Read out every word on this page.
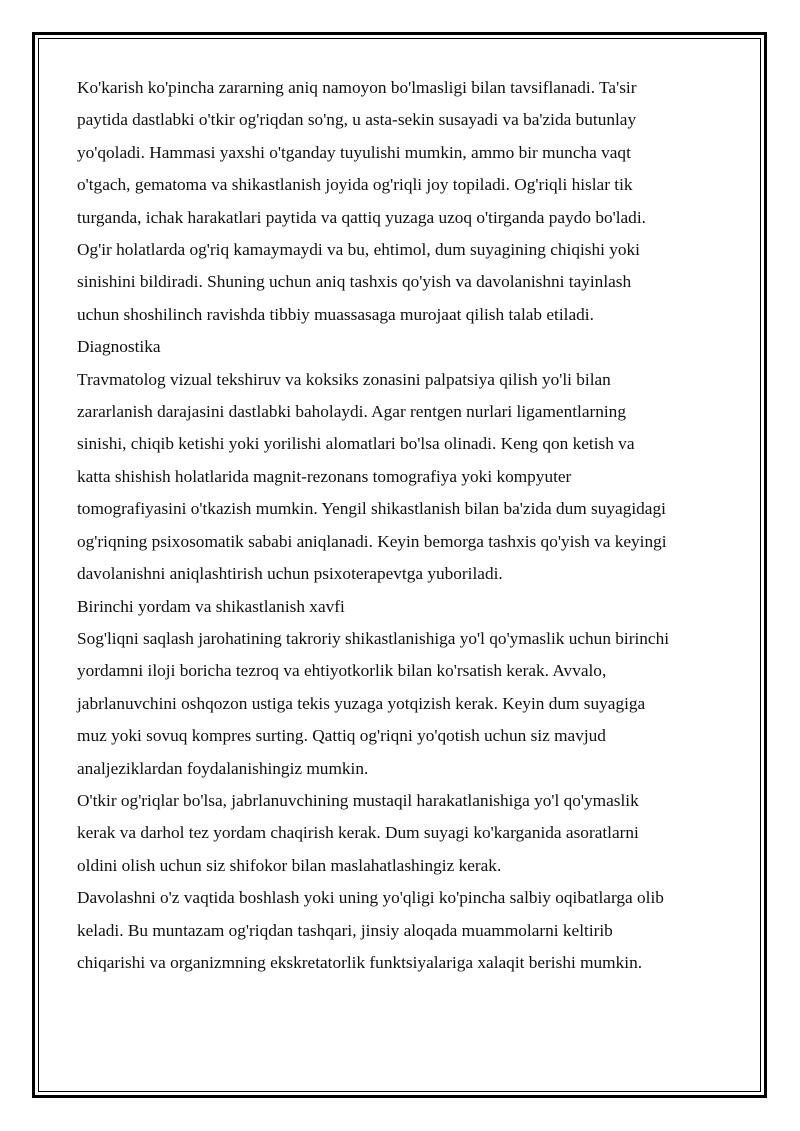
Ko'karish ko'pincha zararning aniq namoyon bo'lmasligi bilan tavsiflanadi. Ta'sir

paytida dastlabki o'tkir og'riqdan so'ng, u asta-sekin susayadi va ba'zida butunlay

yo'qoladi. Hammasi yaxshi o'tganday tuyulishi mumkin, ammo bir muncha vaqt

o'tgach, gematoma va shikastlanish joyida og'riqli joy topiladi. Og'riqli hislar tik

turganda, ichak harakatlari paytida va qattiq yuzaga uzoq o'tirganda paydo bo'ladi.

Og'ir holatlarda og'riq kamaymaydi va bu, ehtimol, dum suyagining chiqishi yoki

sinishini bildiradi. Shuning uchun aniq tashxis qo'yish va davolanishni tayinlash

uchun shoshilinch ravishda tibbiy muassasaga murojaat qilish talab etiladi.

Diagnostika

Travmatolog vizual tekshiruv va koksiks zonasini palpatsiya qilish yo'li bilan

zararlanish darajasini dastlabki baholaydi. Agar rentgen nurlari ligamentlarning

sinishi, chiqib ketishi yoki yorilishi alomatlari bo'lsa olinadi. Keng qon ketish va

katta shishish holatlarida magnit-rezonans tomografiya yoki kompyuter

tomografiyasini o'tkazish mumkin. Yengil shikastlanish bilan ba'zida dum suyagidagi

og'riqning psixosomatik sababi aniqlanadi. Keyin bemorga tashxis qo'yish va keyingi

davolanishni aniqlashtirish uchun psixoterapevtga yuboriladi.

Birinchi yordam va shikastlanish xavfi

Sog'liqni saqlash jarohatining takroriy shikastlanishiga yo'l qo'ymaslik uchun birinchi

yordamni iloji boricha tezroq va ehtiyotkorlik bilan ko'rsatish kerak. Avvalo,

jabrlanuvchini oshqozon ustiga tekis yuzaga yotqizish kerak. Keyin dum suyagiga

muz yoki sovuq kompres surting. Qattiq og'riqni yo'qotish uchun siz mavjud

analjeziklardan foydalanishingiz mumkin.

O'tkir og'riqlar bo'lsa, jabrlanuvchining mustaqil harakatlanishiga yo'l qo'ymaslik

kerak va darhol tez yordam chaqirish kerak. Dum suyagi ko'karganida asoratlarni

oldini olish uchun siz shifokor bilan maslahatlashingiz kerak.

Davolashni o'z vaqtida boshlash yoki uning yo'qligi ko'pincha salbiy oqibatlarga olib

keladi. Bu muntazam og'riqdan tashqari, jinsiy aloqada muammolarni keltirib

chiqarishi va organizmning ekskretatorlik funktsiyalariga xalaqit berishi mumkin.
